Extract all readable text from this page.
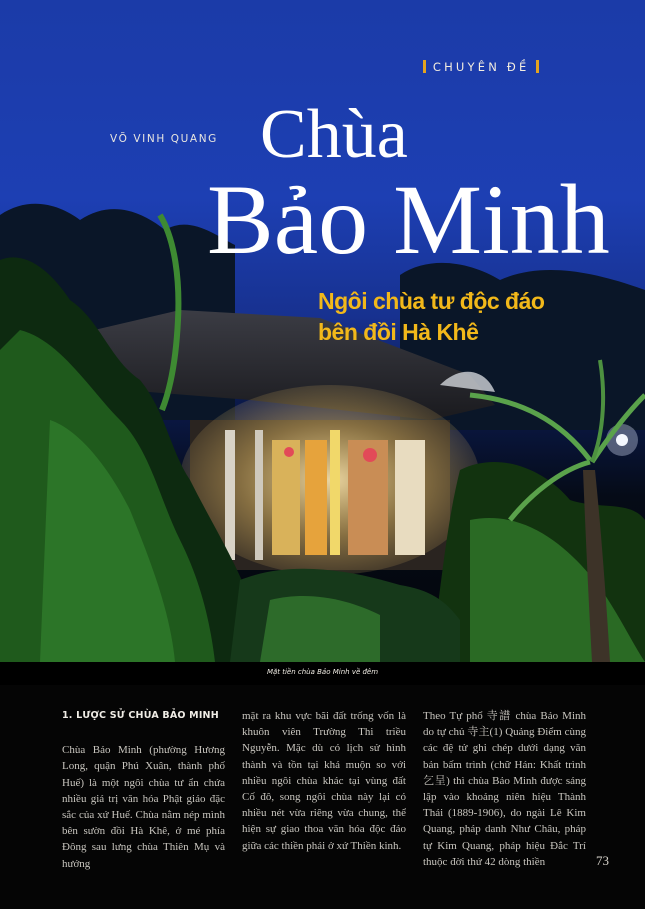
CHUYÊN ĐỀ
VÕ VINH QUANG Chùa
Bảo Minh
Ngôi chùa tư độc đáo
bên đồi Hà Khê
Mặt tiền chùa Bảo Minh về đêm
1. LƯỢC SỬ CHÙA BẢO MINH

Chùa Bảo Minh (phường Hương Long, quận Phú Xuân, thành phố Huế) là một ngôi chùa tư ẩn chứa nhiều giá trị văn hóa Phật giáo đặc sắc của xứ Huế. Chùa nằm nép mình bên sườn đồi Hà Khê, ở mé phía Đông sau lưng chùa Thiên Mụ và hướng

mặt ra khu vực bãi đất trống vốn là khuôn viên Trường Thi triều Nguyễn. Mặc dù có lịch sử hình thành và tồn tại khá muộn so với nhiều ngôi chùa khác tại vùng đất Cố đô, song ngôi chùa này lại có nhiều nét vừa riêng vừa chung, thể hiện sự giao thoa văn hóa độc đáo giữa các thiền phái ở xứ Thiền kinh.

Theo Tự phổ 寺譜 chùa Bảo Minh do tự chủ 寺主(1) Quảng Điểm cùng các đệ tử ghi chép dưới dạng văn bản bấm trình (chữ Hán: Khất trình 乞呈) thì chùa Bảo Minh được sáng lập vào khoảng niên hiệu Thành Thái (1889-1906), do ngài Lê Kim Quang, pháp danh Như Châu, pháp tự Kim Quang, pháp hiệu Đắc Trí thuộc đời thứ 42 dòng thiền	73
